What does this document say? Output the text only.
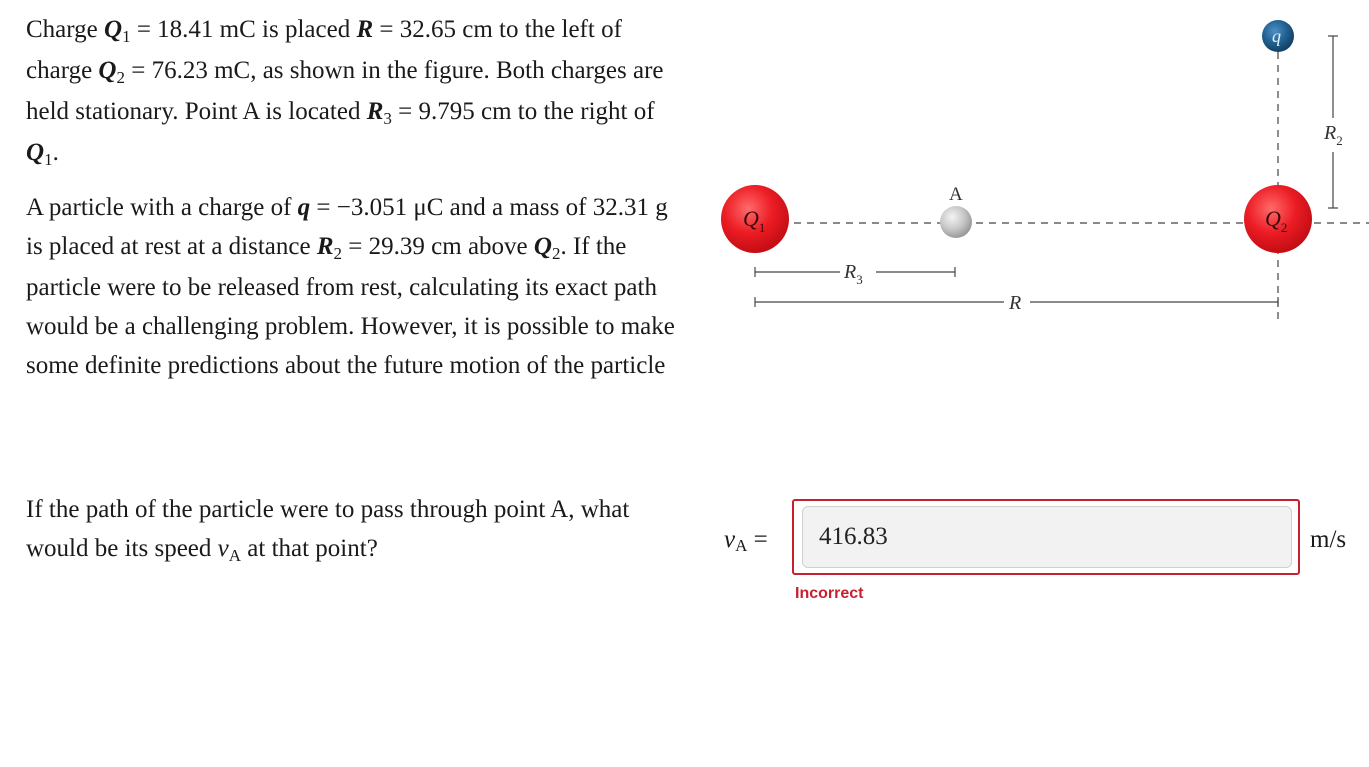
Charge $Q_1 = 18.41$ mC is placed R = 32.65 cm to the left of charge $Q_2 = 76.23$ mC, as shown in the figure. Both charges are held stationary. Point A is located $R_3 = 9.795$ cm to the right of $Q_1$.

A particle with a charge of q = −3.051 μC and a mass of 32.31 g is placed at rest at a distance $R_2 = 29.39$ cm above $Q_2$. If the particle were to be released from rest, calculating its exact path would be a challenging problem. However, it is possible to make some definite predictions about the future motion of the particle

$R_2$
$R_3$
R
$Q_1$
A
$Q_2$
q
If the path of the particle were to pass through point A, what would be its speed $v_A$ at that point?	vA =
416.83	m/s
Incorrect
